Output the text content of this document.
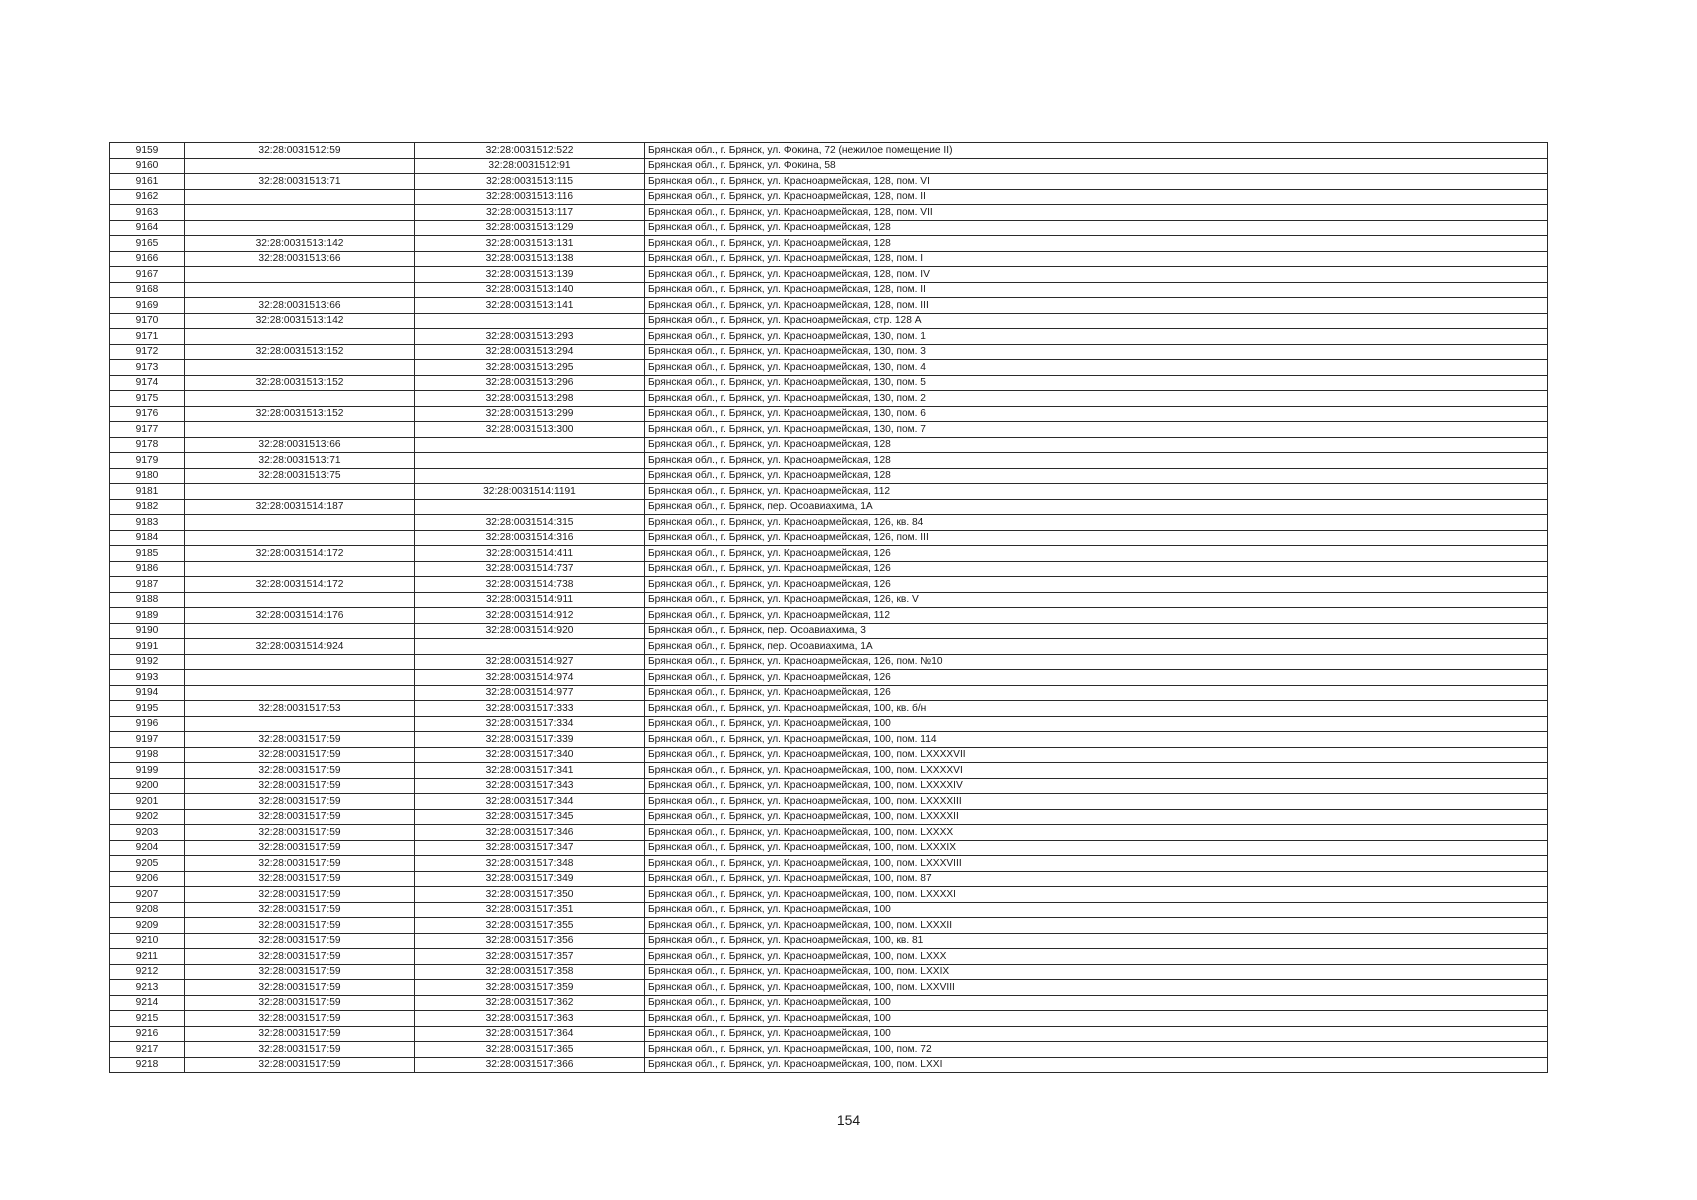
9159	32:28:0031512:59	32:28:0031512:522	Брянская обл., г. Брянск, ул. Фокина, 72 (нежилое помещение II)
9160		32:28:0031512:91	Брянская обл., г. Брянск, ул. Фокина, 58
9161	32:28:0031513:71	32:28:0031513:115	Брянская обл., г. Брянск, ул. Красноармейская, 128, пом. VI
9162		32:28:0031513:116	Брянская обл., г. Брянск, ул. Красноармейская, 128, пом. II
9163		32:28:0031513:117	Брянская обл., г. Брянск, ул. Красноармейская, 128, пом. VII
9164		32:28:0031513:129	Брянская обл., г. Брянск, ул. Красноармейская, 128
9165	32:28:0031513:142	32:28:0031513:131	Брянская обл., г. Брянск, ул. Красноармейская, 128
9166	32:28:0031513:66	32:28:0031513:138	Брянская обл., г. Брянск, ул. Красноармейская, 128, пом. I
9167		32:28:0031513:139	Брянская обл., г. Брянск, ул. Красноармейская, 128, пом. IV
9168		32:28:0031513:140	Брянская обл., г. Брянск, ул. Красноармейская, 128, пом. II
9169	32:28:0031513:66	32:28:0031513:141	Брянская обл., г. Брянск, ул. Красноармейская, 128, пом. III
9170	32:28:0031513:142		Брянская обл., г. Брянск, ул. Красноармейская, стр. 128 А
9171		32:28:0031513:293	Брянская обл., г. Брянск, ул. Красноармейская, 130, пом. 1
9172	32:28:0031513:152	32:28:0031513:294	Брянская обл., г. Брянск, ул. Красноармейская, 130, пом. 3
9173		32:28:0031513:295	Брянская обл., г. Брянск, ул. Красноармейская, 130, пом. 4
9174	32:28:0031513:152	32:28:0031513:296	Брянская обл., г. Брянск, ул. Красноармейская, 130, пом. 5
9175		32:28:0031513:298	Брянская обл., г. Брянск, ул. Красноармейская, 130, пом. 2
9176	32:28:0031513:152	32:28:0031513:299	Брянская обл., г. Брянск, ул. Красноармейская, 130, пом. 6
9177		32:28:0031513:300	Брянская обл., г. Брянск, ул. Красноармейская, 130, пом. 7
9178	32:28:0031513:66		Брянская обл., г. Брянск, ул. Красноармейская, 128
9179	32:28:0031513:71		Брянская обл., г. Брянск, ул. Красноармейская, 128
9180	32:28:0031513:75		Брянская обл., г. Брянск, ул. Красноармейская, 128
9181		32:28:0031514:1191	Брянская обл., г. Брянск, ул. Красноармейская, 112
9182	32:28:0031514:187		Брянская обл., г. Брянск, пер. Осоавиахима, 1А
9183		32:28:0031514:315	Брянская обл., г. Брянск, ул. Красноармейская, 126, кв. 84
9184		32:28:0031514:316	Брянская обл., г. Брянск, ул. Красноармейская, 126, пом. III
9185	32:28:0031514:172	32:28:0031514:411	Брянская обл., г. Брянск, ул. Красноармейская, 126
9186		32:28:0031514:737	Брянская обл., г. Брянск, ул. Красноармейская, 126
9187	32:28:0031514:172	32:28:0031514:738	Брянская обл., г. Брянск, ул. Красноармейская, 126
9188		32:28:0031514:911	Брянская обл., г. Брянск, ул. Красноармейская, 126, кв. V
9189	32:28:0031514:176	32:28:0031514:912	Брянская обл., г. Брянск, ул. Красноармейская, 112
9190		32:28:0031514:920	Брянская обл., г. Брянск, пер. Осоавиахима, 3
9191	32:28:0031514:924		Брянская обл., г. Брянск, пер. Осоавиахима, 1А
9192		32:28:0031514:927	Брянская обл., г. Брянск, ул. Красноармейская, 126, пом. №10
9193		32:28:0031514:974	Брянская обл., г. Брянск, ул. Красноармейская, 126
9194		32:28:0031514:977	Брянская обл., г. Брянск, ул. Красноармейская, 126
9195	32:28:0031517:53	32:28:0031517:333	Брянская обл., г. Брянск, ул. Красноармейская, 100, кв. б/н
9196		32:28:0031517:334	Брянская обл., г. Брянск, ул. Красноармейская, 100
9197	32:28:0031517:59	32:28:0031517:339	Брянская обл., г. Брянск, ул. Красноармейская, 100, пом. 114
9198	32:28:0031517:59	32:28:0031517:340	Брянская обл., г. Брянск, ул. Красноармейская, 100, пом. LXXXXVII
9199	32:28:0031517:59	32:28:0031517:341	Брянская обл., г. Брянск, ул. Красноармейская, 100, пом. LXXXXVI
9200	32:28:0031517:59	32:28:0031517:343	Брянская обл., г. Брянск, ул. Красноармейская, 100, пом. LXXXXIV
9201	32:28:0031517:59	32:28:0031517:344	Брянская обл., г. Брянск, ул. Красноармейская, 100, пом. LXXXXIII
9202	32:28:0031517:59	32:28:0031517:345	Брянская обл., г. Брянск, ул. Красноармейская, 100, пом. LXXXXII
9203	32:28:0031517:59	32:28:0031517:346	Брянская обл., г. Брянск, ул. Красноармейская, 100, пом. LXXXX
9204	32:28:0031517:59	32:28:0031517:347	Брянская обл., г. Брянск, ул. Красноармейская, 100, пом. LXXXIX
9205	32:28:0031517:59	32:28:0031517:348	Брянская обл., г. Брянск, ул. Красноармейская, 100, пом. LXXXVIII
9206	32:28:0031517:59	32:28:0031517:349	Брянская обл., г. Брянск, ул. Красноармейская, 100, пом. 87
9207	32:28:0031517:59	32:28:0031517:350	Брянская обл., г. Брянск, ул. Красноармейская, 100, пом. LXXXXI
9208	32:28:0031517:59	32:28:0031517:351	Брянская обл., г. Брянск, ул. Красноармейская, 100
9209	32:28:0031517:59	32:28:0031517:355	Брянская обл., г. Брянск, ул. Красноармейская, 100, пом. LXXXII
9210	32:28:0031517:59	32:28:0031517:356	Брянская обл., г. Брянск, ул. Красноармейская, 100, кв. 81
9211	32:28:0031517:59	32:28:0031517:357	Брянская обл., г. Брянск, ул. Красноармейская, 100, пом. LXXX
9212	32:28:0031517:59	32:28:0031517:358	Брянская обл., г. Брянск, ул. Красноармейская, 100, пом. LXXIX
9213	32:28:0031517:59	32:28:0031517:359	Брянская обл., г. Брянск, ул. Красноармейская, 100, пом. LXXVIII
9214	32:28:0031517:59	32:28:0031517:362	Брянская обл., г. Брянск, ул. Красноармейская, 100
9215	32:28:0031517:59	32:28:0031517:363	Брянская обл., г. Брянск, ул. Красноармейская, 100
9216	32:28:0031517:59	32:28:0031517:364	Брянская обл., г. Брянск, ул. Красноармейская, 100
9217	32:28:0031517:59	32:28:0031517:365	Брянская обл., г. Брянск, ул. Красноармейская, 100, пом. 72
9218	32:28:0031517:59	32:28:0031517:366	Брянская обл., г. Брянск, ул. Красноармейская, 100, пом. LXXI
154
